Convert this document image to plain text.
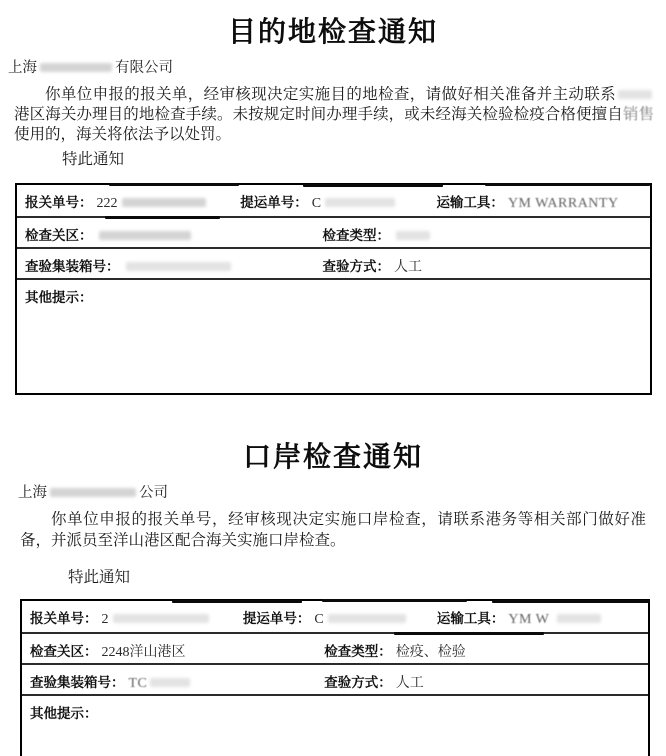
目的地检查通知
上海	有限公司

你单位申报的报关单，经审核现决定实施目的地检查，请做好相关准备并主动联系港区海关办理目的地检查手续。未按规定时间办理手续，或未经海关检验检疫合格便擅自销售使用的，海关将依法予以处罚。

特此通知
报关单号： 222	提运单号： C	运输工具： YM WARRANTY
检查关区：	检查类型：
查验集装箱号：	查验方式： 人工
其他提示：
口岸检查通知
上海	公司

你单位申报的报关单号，经审核现决定实施口岸检查，请联系港务等相关部门做好准备，并派员至洋山港区配合海关实施口岸检查。

特此通知
报关单号： 2	提运单号： C	运输工具： YM W
检查关区： 2248洋山港区	检查类型： 检疫、检验
查验集装箱号： TC	查验方式： 人工
其他提示：
